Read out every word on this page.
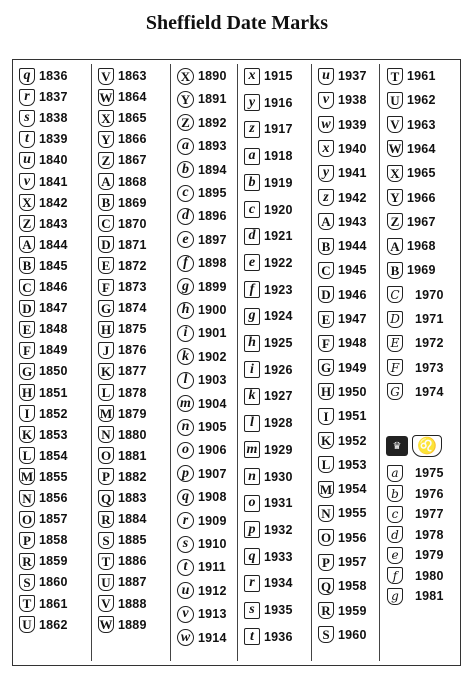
Sheffield Date Marks
q 1836
r 1837
s 1838
t 1839
u 1840
v 1841
X 1842
Z 1843
A 1844
B 1845
C 1846
D 1847
E 1848
F 1849
G 1850
H 1851
I 1852
K 1853
L 1854
M 1855
N 1856
O 1857
P 1858
R 1859
S 1860
T 1861
U 1862
V 1863
W 1864
X 1865
Y 1866
Z 1867
A 1868
B 1869
C 1870
D 1871
E 1872
F 1873
G 1874
H 1875
J 1876
K 1877
L 1878
M 1879
N 1880
O 1881
P 1882
Q 1883
R 1884
S 1885
T 1886
U 1887
V 1888
W 1889
X 1890
Y 1891
Z 1892
a 1893
b 1894
c 1895
d 1896
e 1897
f 1898
g 1899
h 1900
i 1901
k 1902
l 1903
m 1904
n 1905
o 1906
p 1907
q 1908
r 1909
s 1910
t 1911
u 1912
v 1913
w 1914
x 1915
y 1916
z 1917
a 1918
b 1919
c 1920
d 1921
e 1922
f 1923
g 1924
h 1925
i 1926
k 1927
l 1928
m 1929
n 1930
o 1931
p 1932
q 1933
r 1934
s 1935
t 1936
u 1937
v 1938
w 1939
x 1940
y 1941
z 1942
A 1943
B 1944
C 1945
D 1946
E 1947
F 1948
G 1949
H 1950
I 1951
K 1952
L 1953
M 1954
N 1955
O 1956
P 1957
Q 1958
R 1959
S 1960
♛ ♌
T 1961
U 1962
V 1963
W 1964
X 1965
Y 1966
Z 1967
A 1968
B 1969
C 1970
D 1971
E 1972
F	1973
G 1974
a	1975
b	1976
c	1977
d	1978
e	1979
f	1980
g	1981
